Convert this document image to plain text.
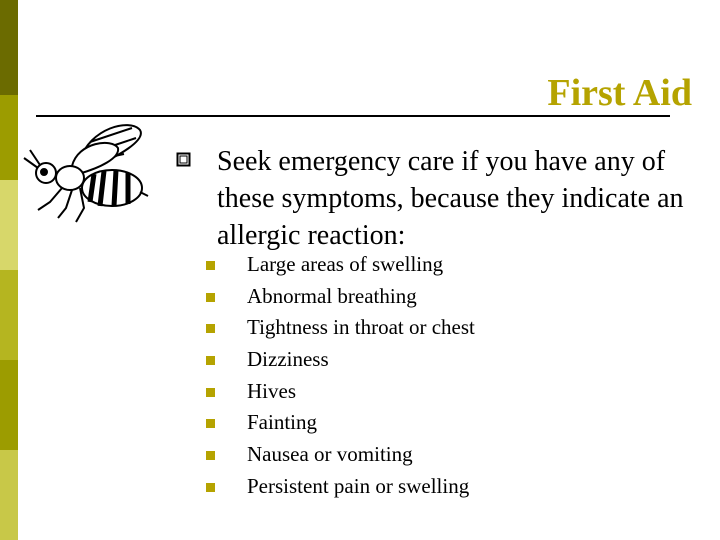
First Aid
Seek emergency care if you have any of these symptoms, because they indicate an allergic reaction:
Large areas of swelling
Abnormal breathing
Tightness in throat or chest
Dizziness
Hives
Fainting
Nausea or vomiting
Persistent pain or swelling
